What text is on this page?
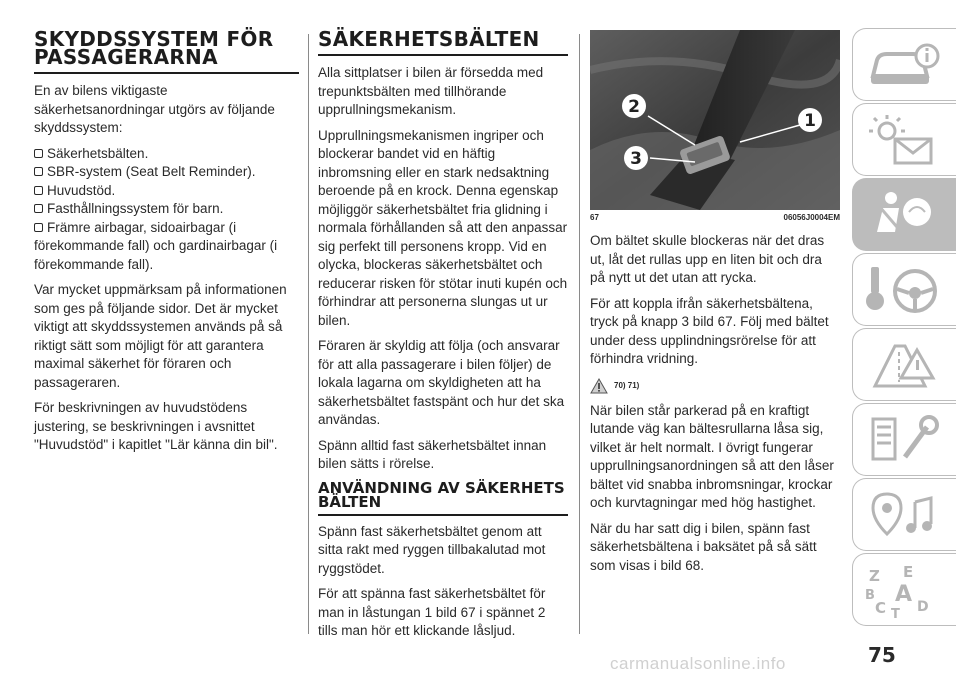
SKYDDSSYSTEM FÖR PASSAGERARNA

En av bilens viktigaste säkerhetsanordningar utgörs av följande skyddssystem:

Säkerhetsbälten.
SBR-system (Seat Belt Reminder).
Huvudstöd.
Fasthållningssystem för barn.
Främre airbagar, sidoairbagar (i förekommande fall) och gardinairbagar (i förekommande fall).

Var mycket uppmärksam på informationen som ges på följande sidor. Det är mycket viktigt att skyddssystemen används på så riktigt sätt som möjligt för att garantera maximal säkerhet för föraren och passageraren.

För beskrivningen av huvudstödens justering, se beskrivningen i avsnittet "Huvudstöd" i kapitlet "Lär känna din bil".

SÄKERHETSBÄLTEN

Alla sittplatser i bilen är försedda med trepunktsbälten med tillhörande upprullningsmekanism.

Upprullningsmekanismen ingriper och blockerar bandet vid en häftig inbromsning eller en stark nedsaktning beroende på en krock. Denna egenskap möjliggör säkerhetsbältet fria glidning i normala förhållanden så att den anpassar sig perfekt till personens kropp. Vid en olycka, blockeras säkerhetsbältet och reducerar risken för stötar inuti kupén och förhindrar att personerna slungas ut ur bilen.

Föraren är skyldig att följa (och ansvarar för att alla passagerare i bilen följer) de lokala lagarna om skyldigheten att ha säkerhetsbältet fastspänt och hur det ska användas.

Spänn alltid fast säkerhetsbältet innan bilen sätts i rörelse.

ANVÄNDNING AV SÄKERHETS BÄLTEN

Spänn fast säkerhetsbältet genom att sitta rakt med ryggen tillbakalutad mot ryggstödet.

För att spänna fast säkerhetsbältet för man in låstungan 1 bild 67 i spännet 2 tills man hör ett klickande låsljud.

1
2
3
67	06056J0004EM

Om bältet skulle blockeras när det dras ut, låt det rullas upp en liten bit och dra på nytt ut det utan att rycka.

För att koppla ifrån säkerhetsbältena, tryck på knapp 3 bild 67. Följ med bältet under dess upplindningsrörelse för att förhindra vridning.

70) 71)

När bilen står parkerad på en kraftigt lutande väg kan bältesrullarna låsa sig, vilket är helt normalt. I övrigt fungerar upprullningsanordningen så att den låser bältet vid snabba inbromsningar, krockar och kurvtagningar med hög hastighet.

När du har satt dig i bilen, spänn fast säkerhetsbältena i baksätet på så sätt som visas i bild 68.

Z E
B A
C T D
75
carmanualsonline.info
